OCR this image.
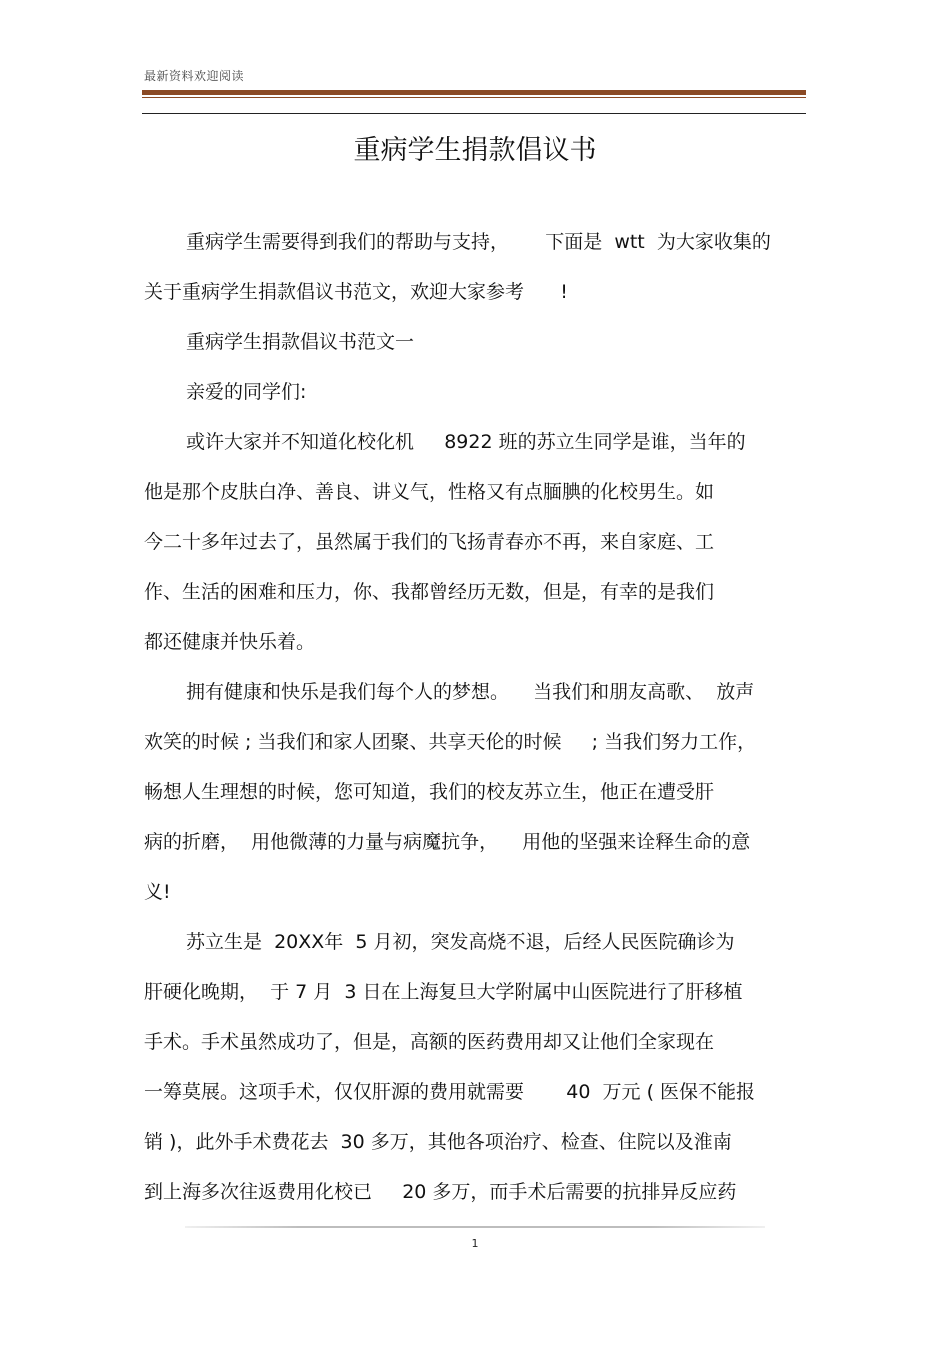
最新资料欢迎阅读
重病学生捐款倡议书
重病学生需要得到我们的帮助与支持，      下面是  wtt  为大家收集的
关于重病学生捐款倡议书范文，欢迎大家参考      !
重病学生捐款倡议书范文一
亲爱的同学们:
或许大家并不知道化校化机     8922 班的苏立生同学是谁，当年的
他是那个皮肤白净、善良、讲义气，性格又有点腼腆的化校男生。如
今二十多年过去了，虽然属于我们的飞扬青春亦不再，来自家庭、工
作、生活的困难和压力，你、我都曾经历无数，但是，有幸的是我们
都还健康并快乐着。
拥有健康和快乐是我们每个人的梦想。    当我们和朋友高歌、  放声
欢笑的时候 ; 当我们和家人团聚、共享天伦的时候     ; 当我们努力工作，
畅想人生理想的时候，您可知道，我们的校友苏立生，他正在遭受肝
病的折磨，  用他微薄的力量与病魔抗争，    用他的坚强来诠释生命的意
义!
苏立生是  20XX年  5 月初，突发高烧不退，后经人民医院确诊为
肝硬化晚期，  于 7 月  3 日在上海复旦大学附属中山医院进行了肝移植
手术。手术虽然成功了，但是，高额的医药费用却又让他们全家现在
一筹莫展。这项手术，仅仅肝源的费用就需要       40  万元 ( 医保不能报
销 )，此外手术费花去  30 多万，其他各项治疗、检查、住院以及淮南
到上海多次往返费用化校已     20 多万，而手术后需要的抗排异反应药
1
